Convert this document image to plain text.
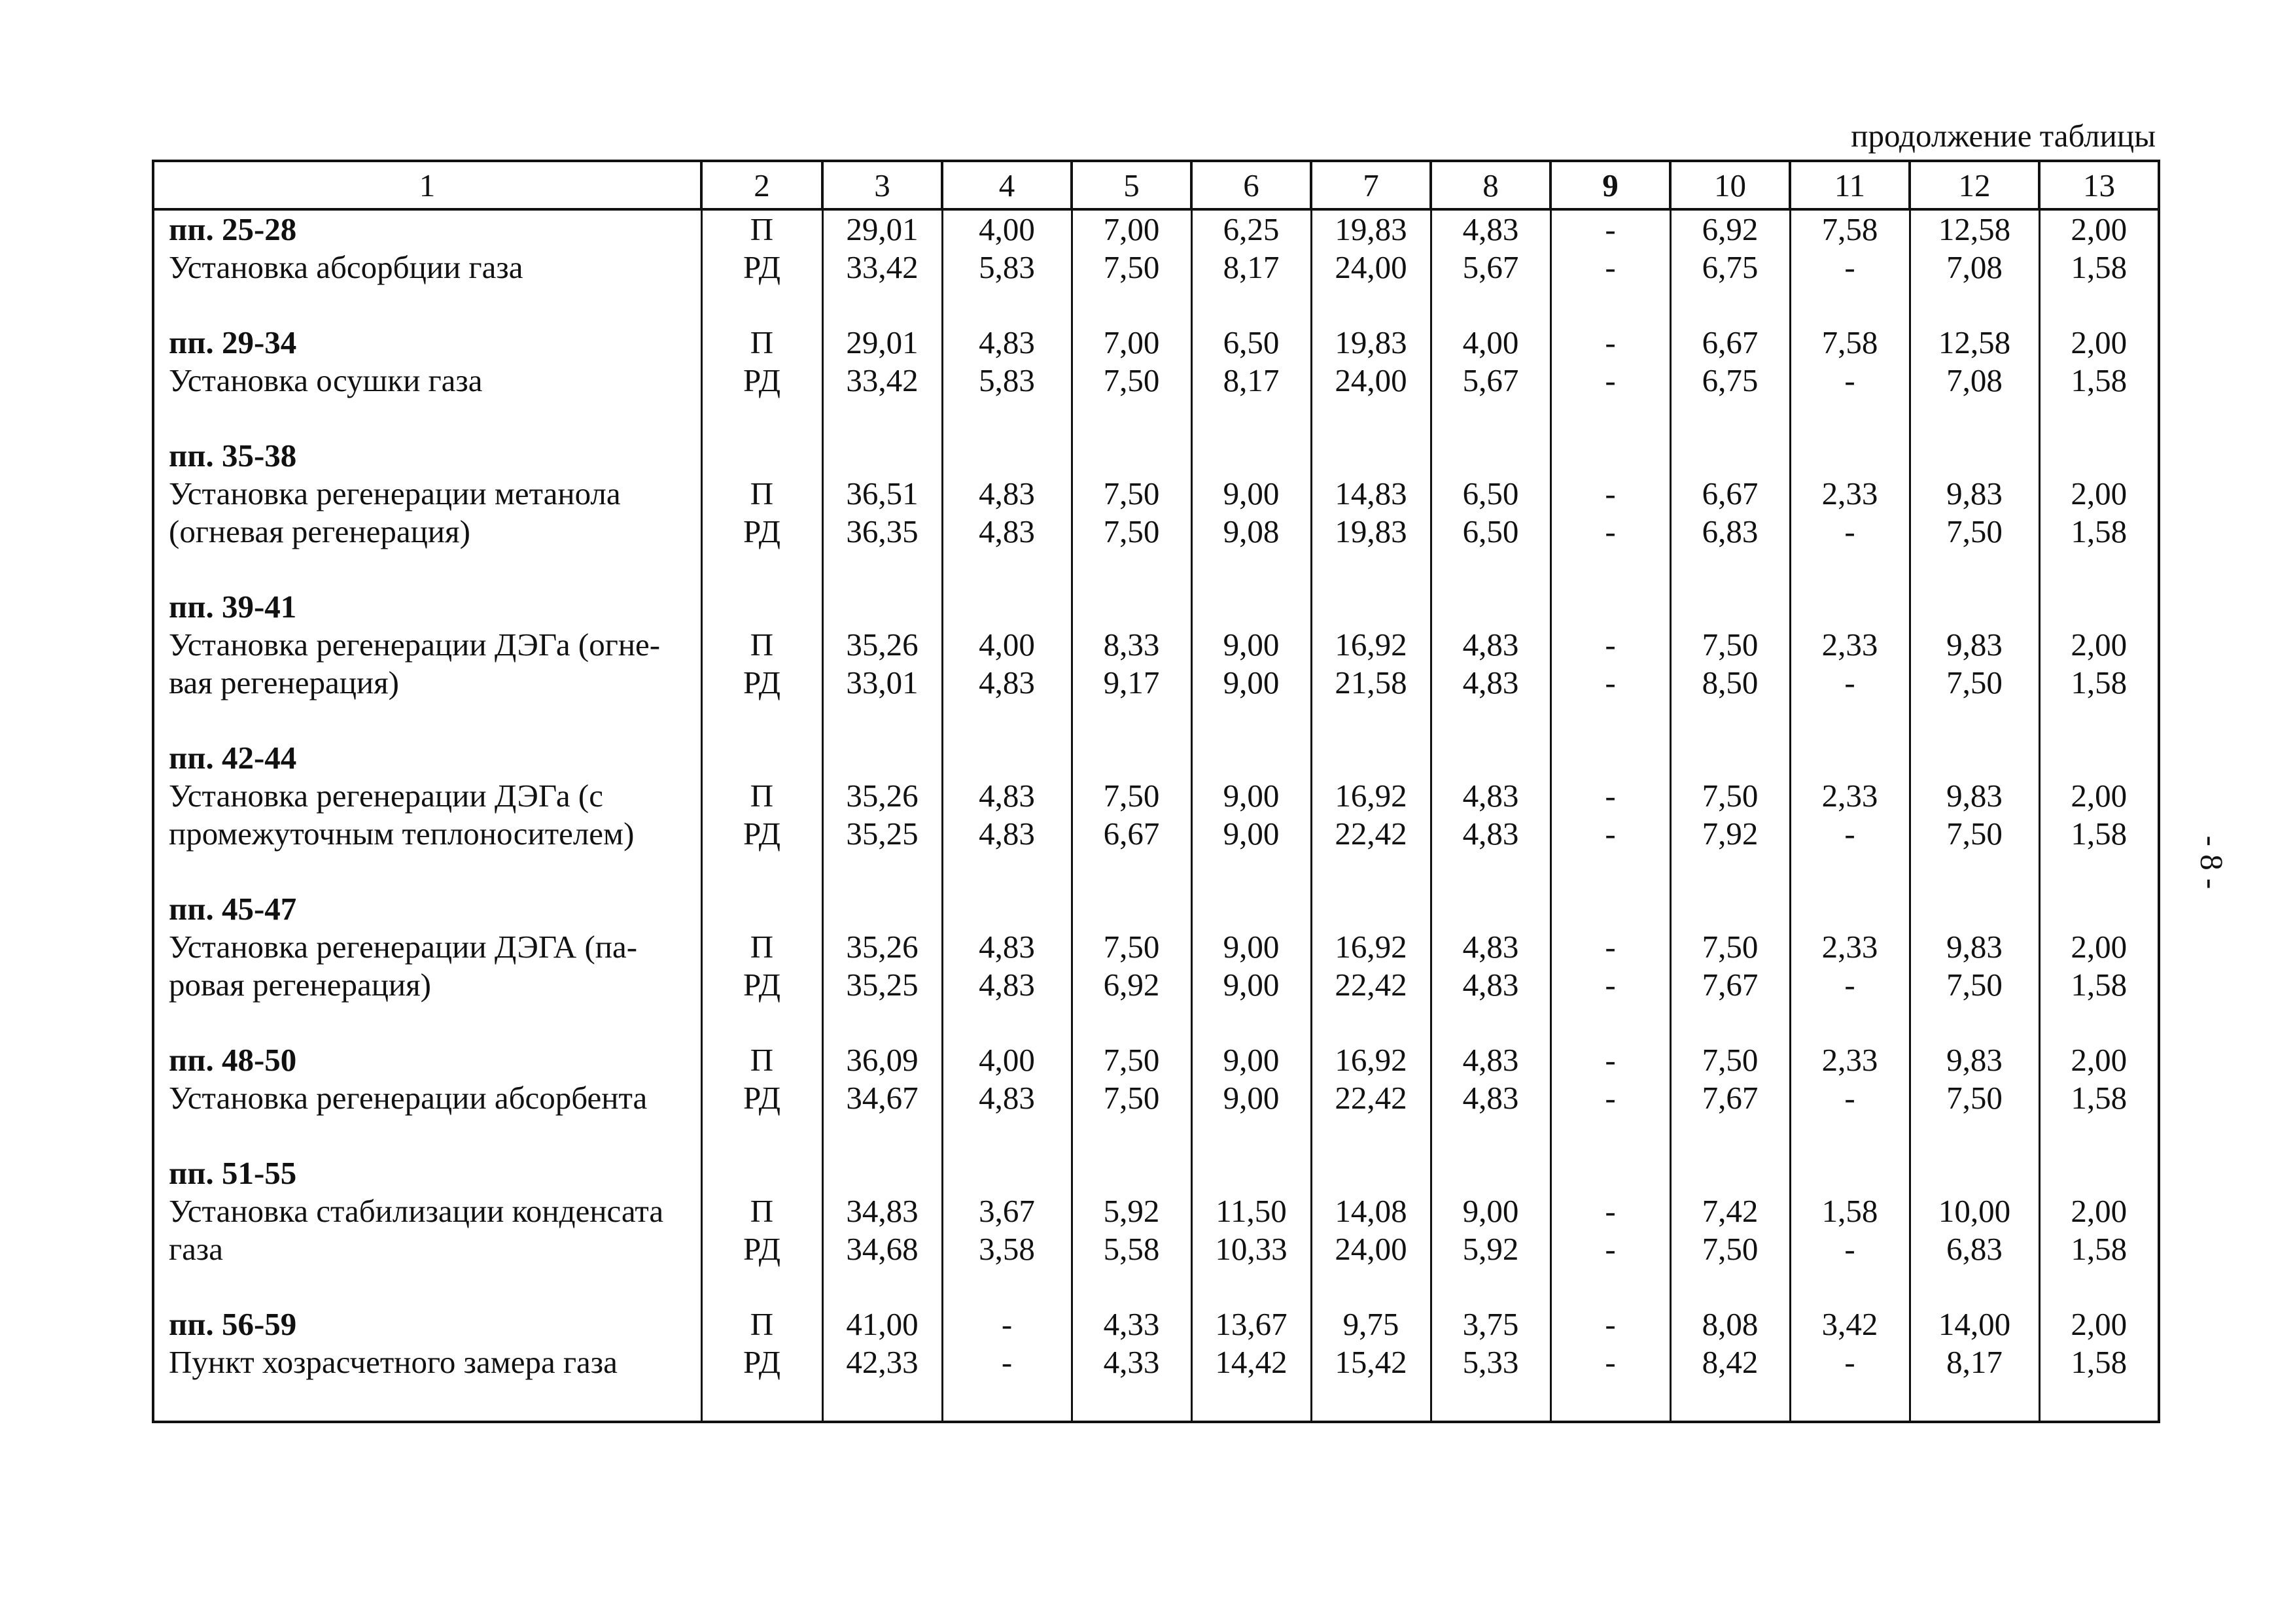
продолжение таблицы
- 8 -
1	2	3	4	5	6	7	8	9	10	11	12	13
пп. 25-28	П	29,01	4,00	7,00	6,25	19,83	4,83	-	6,92	7,58	12,58	2,00
Установка абсорбции газа	РД	33,42	5,83	7,50	8,17	24,00	5,67	-	6,75	-	7,08	1,58

пп. 29-34	П	29,01	4,83	7,00	6,50	19,83	4,00	-	6,67	7,58	12,58	2,00
Установка осушки газа	РД	33,42	5,83	7,50	8,17	24,00	5,67	-	6,75	-	7,08	1,58

пп. 35-38												
Установка регенерации метанола	П	36,51	4,83	7,50	9,00	14,83	6,50	-	6,67	2,33	9,83	2,00
(огневая регенерация)	РД	36,35	4,83	7,50	9,08	19,83	6,50	-	6,83	-	7,50	1,58

пп. 39-41												
Установка регенерации ДЭГа (огне-	П	35,26	4,00	8,33	9,00	16,92	4,83	-	7,50	2,33	9,83	2,00
вая регенерация)	РД	33,01	4,83	9,17	9,00	21,58	4,83	-	8,50	-	7,50	1,58

пп. 42-44												
Установка регенерации ДЭГа (с	П	35,26	4,83	7,50	9,00	16,92	4,83	-	7,50	2,33	9,83	2,00
промежуточным теплоносителем)	РД	35,25	4,83	6,67	9,00	22,42	4,83	-	7,92	-	7,50	1,58

пп. 45-47												
Установка регенерации ДЭГА (па-	П	35,26	4,83	7,50	9,00	16,92	4,83	-	7,50	2,33	9,83	2,00
ровая регенерация)	РД	35,25	4,83	6,92	9,00	22,42	4,83	-	7,67	-	7,50	1,58

пп. 48-50	П	36,09	4,00	7,50	9,00	16,92	4,83	-	7,50	2,33	9,83	2,00
Установка регенерации абсорбента	РД	34,67	4,83	7,50	9,00	22,42	4,83	-	7,67	-	7,50	1,58

пп. 51-55												
Установка стабилизации конденсата	П	34,83	3,67	5,92	11,50	14,08	9,00	-	7,42	1,58	10,00	2,00
газа	РД	34,68	3,58	5,58	10,33	24,00	5,92	-	7,50	-	6,83	1,58

пп. 56-59	П	41,00	-	4,33	13,67	9,75	3,75	-	8,08	3,42	14,00	2,00
Пункт хозрасчетного замера газа	РД	42,33	-	4,33	14,42	15,42	5,33	-	8,42	-	8,17	1,58
